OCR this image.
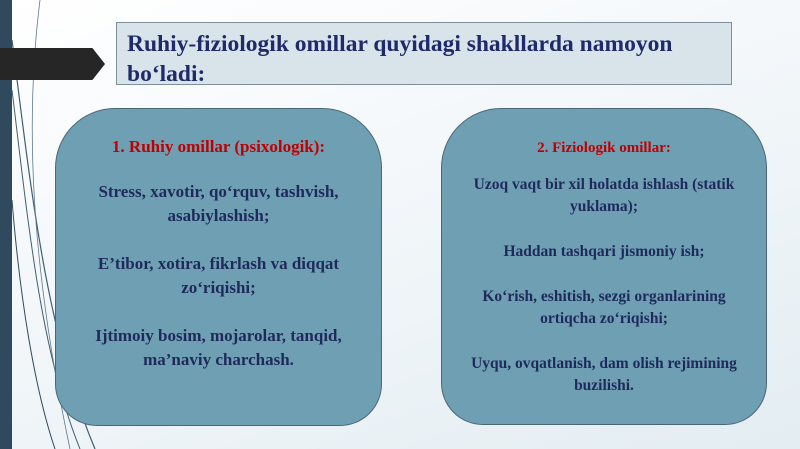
Ruhiy-fiziologik omillar quyidagi shakllarda namoyon bo‘ladi:
1. Ruhiy omillar (psixologik):
Stress, xavotir, qo‘rquv, tashvish, asabiylashish;
E’tibor, xotira, fikrlash va diqqat zo‘riqishi;
Ijtimoiy bosim, mojarolar, tanqid, ma’naviy charchash.
2. Fiziologik omillar:
Uzoq vaqt bir xil holatda ishlash (statik yuklama);
Haddan tashqari jismoniy ish;
Ko‘rish, eshitish, sezgi organlarining ortiqcha zo‘riqishi;
Uyqu, ovqatlanish, dam olish rejimining buzilishi.
